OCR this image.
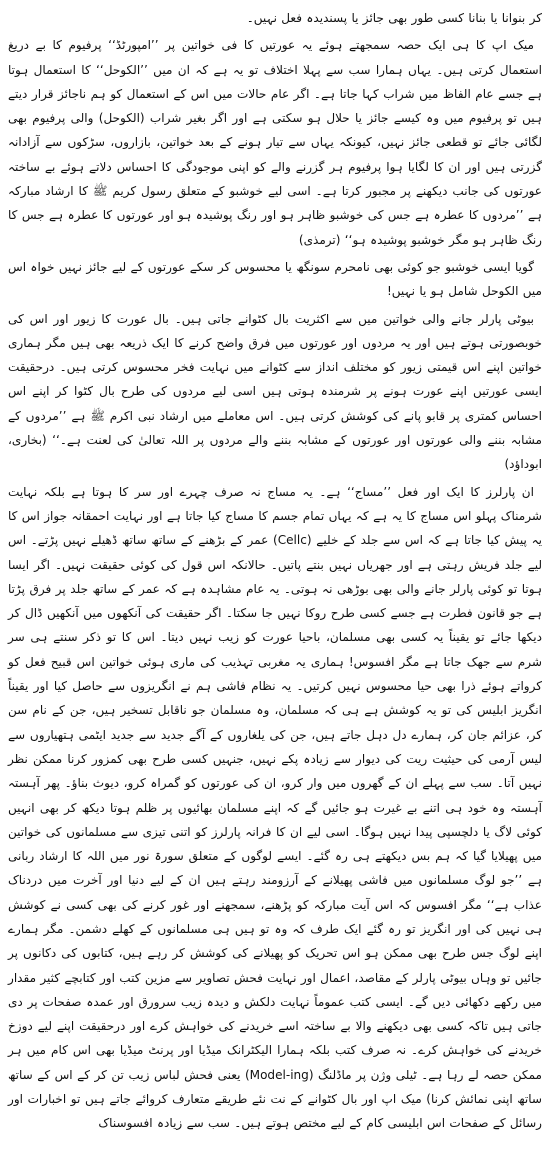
کر بنوانا یا بنانا کسی طور بھی جائز یا پسندیدہ فعل نہیں۔

میک اپ کا ہی ایک حصہ سمجھتے ہوئے یہ عورتیں کا فی خواتین پر ’’امپورٹڈ‘‘ پرفیوم کا بے دریغ استعمال کرتی ہیں۔ یہاں ہمارا سب سے پہلا اختلاف تو یہ ہے کہ ان میں ’’الکوحل‘‘ کا استعمال ہوتا ہے جسے عام الفاظ میں شراب کہا جاتا ہے۔ اگر عام حالات میں اس کے استعمال کو ہم ناجائز قرار دیتے ہیں تو پرفیوم میں وہ کیسے جائز یا حلال ہو سکتی ہے اور اگر بغیر شراب (الکوحل) والی پرفیوم بھی لگائی جائے تو قطعی جائز نہیں، کیونکہ یہاں سے تیار ہونے کے بعد خواتین، بازاروں، سڑکوں سے آزادانہ گزرتی ہیں اور ان کا لگایا ہوا پرفیوم ہر گزرنے والے کو اپنی موجودگی کا احساس دلاتے ہوئے بے ساختہ عورتوں کی جانب دیکھنے پر مجبور کرتا ہے۔ اسی لیے خوشبو کے متعلق رسول کریم ﷺ کا ارشاد مبارکہ ہے ’’مردوں کا عطرہ ہے جس کی خوشبو ظاہر ہو اور رنگ پوشیدہ ہو اور عورتوں کا عطرہ ہے جس کا رنگ ظاہر ہو مگر خوشبو پوشیدہ ہو‘‘ (ترمذی)

گویا ایسی خوشبو جو کوئی بھی نامحرم سونگھ یا محسوس کر سکے عورتوں کے لیے جائز نہیں خواہ اس میں الکوحل شامل ہو یا نہیں!

بیوٹی پارلر جانے والی خواتین میں سے اکثریت بال کٹوانے جاتی ہیں۔ بال عورت کا زیور اور اس کی خوبصورتی ہوتے ہیں اور یہ مردوں اور عورتوں میں فرق واضح کرنے کا ایک ذریعہ بھی ہیں مگر ہماری خواتین اپنے اس قیمتی زیور کو مختلف انداز سے کٹوانے میں نہایت فخر محسوس کرتی ہیں۔ درحقیقت ایسی عورتیں اپنے عورت ہونے پر شرمندہ ہوتی ہیں اسی لیے مردوں کی طرح بال کٹوا کر اپنے اس احساس کمتری پر قابو پانے کی کوشش کرتی ہیں۔ اس معاملے میں ارشاد نبی اکرم ﷺ ہے ’’مردوں کے مشابہ بننے والی عورتوں اور عورتوں کے مشابہ بننے والے مردوں پر اللہ تعالیٰ کی لعنت ہے۔‘‘ (بخاری، ابوداؤد)

ان پارلرز کا ایک اور فعل ’’مساج‘‘ ہے۔ یہ مساج نہ صرف چہرے اور سر کا ہوتا ہے بلکہ نہایت شرمناک پہلو اس مساج کا یہ ہے کہ یہاں تمام جسم کا مساج کیا جاتا ہے اور نہایت احمقانہ جواز اس کا یہ پیش کیا جاتا ہے کہ اس سے جلد کے خلیے (Cellc) عمر کے بڑھنے کے ساتھ ساتھ ڈھیلے نہیں پڑتے۔ اس لیے جلد فریش رہتی ہے اور جھریاں نہیں بنتے پاتیں۔ حالانکہ اس قول کی کوئی حقیقت نہیں۔ اگر ایسا ہوتا تو کوئی پارلر جانے والی بھی بوڑھی نہ ہوتی۔ یہ عام مشاہدہ ہے کہ عمر کے ساتھ جلد پر فرق پڑتا ہے جو قانون فطرت ہے جسے کسی طرح روکا نہیں جا سکتا۔ اگر حقیقت کی آنکھوں میں آنکھیں ڈال کر دیکھا جائے تو یقیناً یہ کسی بھی مسلمان، باحیا عورت کو زیب نہیں دیتا۔ اس کا تو ذکر سنتے ہی سر شرم سے جھک جاتا ہے مگر افسوس! ہماری یہ مغربی تہذیب کی ماری ہوئی خواتین اس قبیح فعل کو کرواتے ہوئے ذرا بھی حیا محسوس نہیں کرتیں۔ یہ نظام فاشی ہم نے انگریزوں سے حاصل کیا اور یقیناً انگریز ابلیس کی تو یہ کوشش ہے ہی کہ مسلمان، وہ مسلمان جو ناقابل تسخیر ہیں، جن کے نام سن کر، عزائم جان کر، ہمارے دل دہل جاتے ہیں، جن کی یلغاروں کے آگے جدید سے جدید ایٹمی ہتھیاروں سے لیس آرمی کی حیثیت ریت کی دیوار سے زیادہ پکے نہیں، جنہیں کسی طرح بھی کمزور کرنا ممکن نظر نہیں آتا۔ سب سے پہلے ان کے گھروں میں وار کرو، ان کی عورتوں کو گمراہ کرو، دیوث بناؤ۔ پھر آہستہ آہستہ وہ خود ہی اتنے بے غیرت ہو جائیں گے کہ اپنے مسلمان بھائیوں پر ظلم ہوتا دیکھ کر بھی انہیں کوئی لاگ یا دلچسپی پیدا نہیں ہوگا۔ اسی لیے ان کا فرانہ پارلرز کو اتنی تیزی سے مسلمانوں کی خواتین میں پھیلایا گیا کہ ہم بس دیکھتے ہی رہ گئے۔ ایسے لوگوں کے متعلق سورۃ نور میں اللہ کا ارشاد ربانی ہے ’’جو لوگ مسلمانوں میں فاشی پھیلانے کے آرزومند رہتے ہیں ان کے لیے دنیا اور آخرت میں دردناک عذاب ہے‘‘ مگر افسوس کہ اس آیت مبارکہ کو پڑھنے، سمجھنے اور غور کرنے کی بھی کسی نے کوشش ہی نہیں کی اور انگریز تو رہ گئے ایک طرف کہ وہ تو ہیں ہی مسلمانوں کے کھلے دشمن۔ مگر ہمارے اپنے لوگ جس طرح بھی ممکن ہو اس تحریک کو پھیلانے کی کوشش کر رہے ہیں، کتابوں کی دکانوں پر جائیں تو وہاں بیوٹی پارلر کے مقاصد، اعمال اور نہایت فحش تصاویر سے مزین کتب اور کتابچے کثیر مقدار میں رکھے دکھائی دیں گے۔ ایسی کتب عموماً نہایت دلکش و دیدہ زیب سرورق اور عمدہ صفحات پر دی جاتی ہیں تاکہ کسی بھی دیکھنے والا بے ساختہ اسے خریدنے کی خواہش کرے اور درحقیقت اپنے لیے دوزخ خریدنے کی خواہش کرے۔ نہ صرف کتب بلکہ ہمارا الیکٹرانک میڈیا اور پرنٹ میڈیا بھی اس کام میں ہر ممکن حصہ لے رہا ہے۔ ٹیلی وژن پر ماڈلنگ (Model-ing) یعنی فحش لباس زیب تن کر کے اس کے ساتھ ساتھ اپنی نمائش کرنا) میک اپ اور بال کٹوانے کے نت نئے طریقے متعارف کروائے جاتے ہیں تو اخبارات اور رسائل کے صفحات اس ابلیسی کام کے لیے مختص ہوتے ہیں۔ سب سے زیادہ افسوسناک
